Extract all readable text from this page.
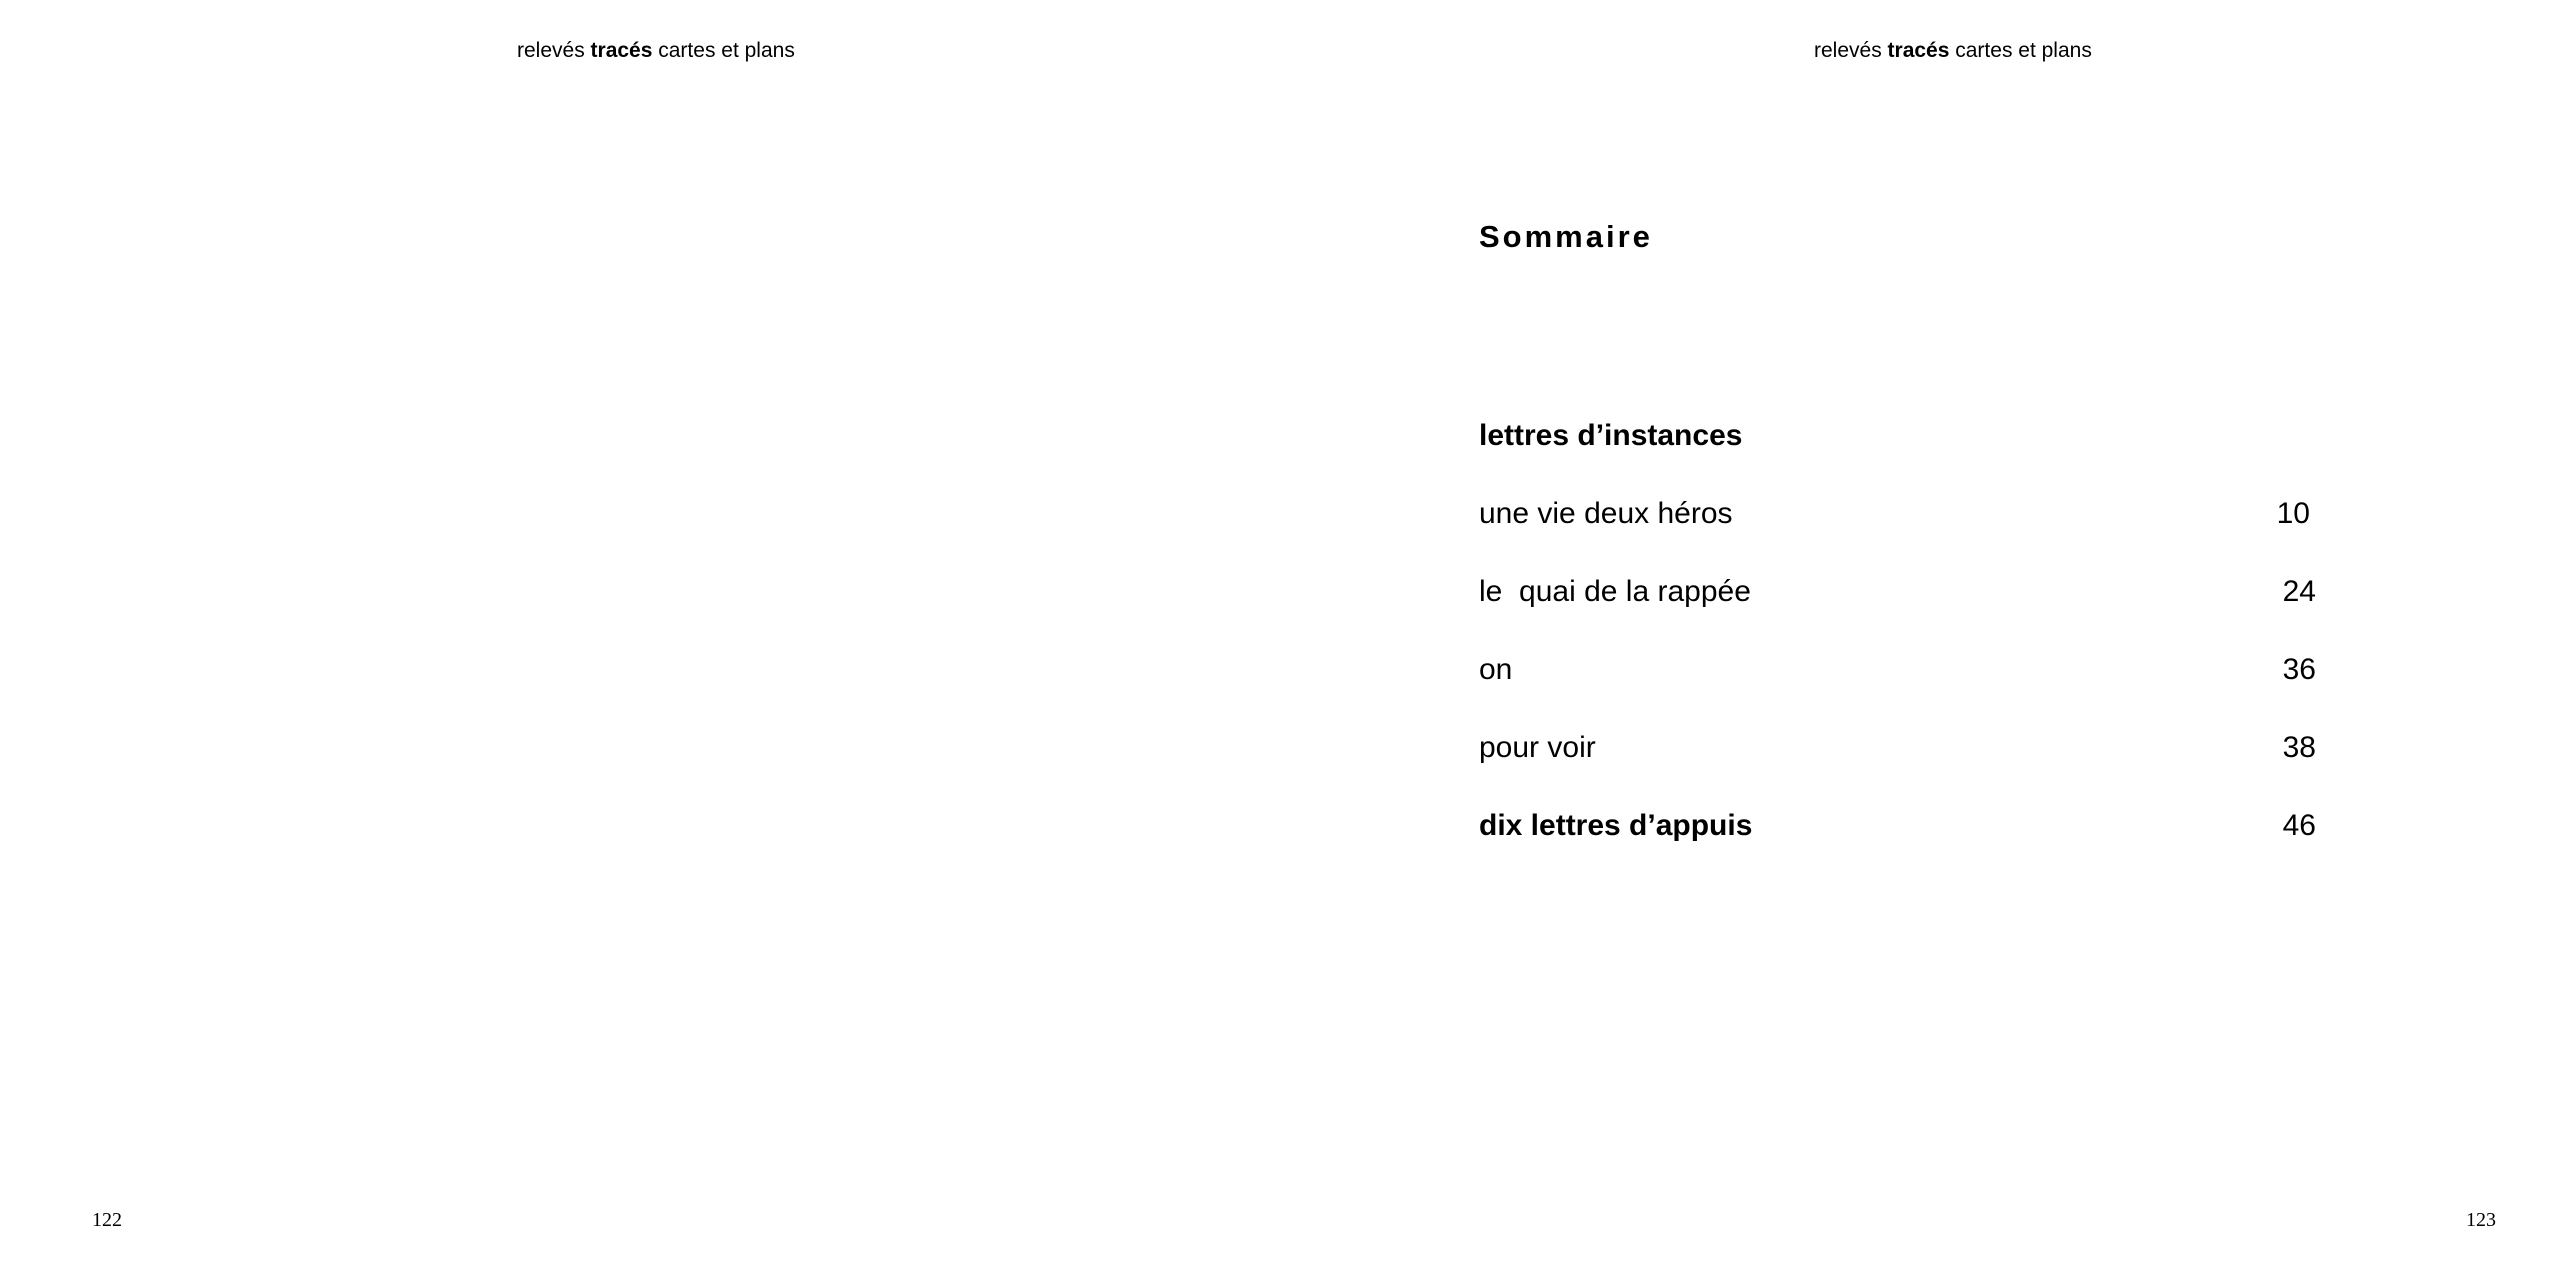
relevés tracés cartes et plans
122
relevés tracés cartes et plans
Sommaire
lettres d’instances
une vie deux héros	10
le  quai de la rappée	24
on	36
pour voir	38
dix lettres d’appuis	46
123
